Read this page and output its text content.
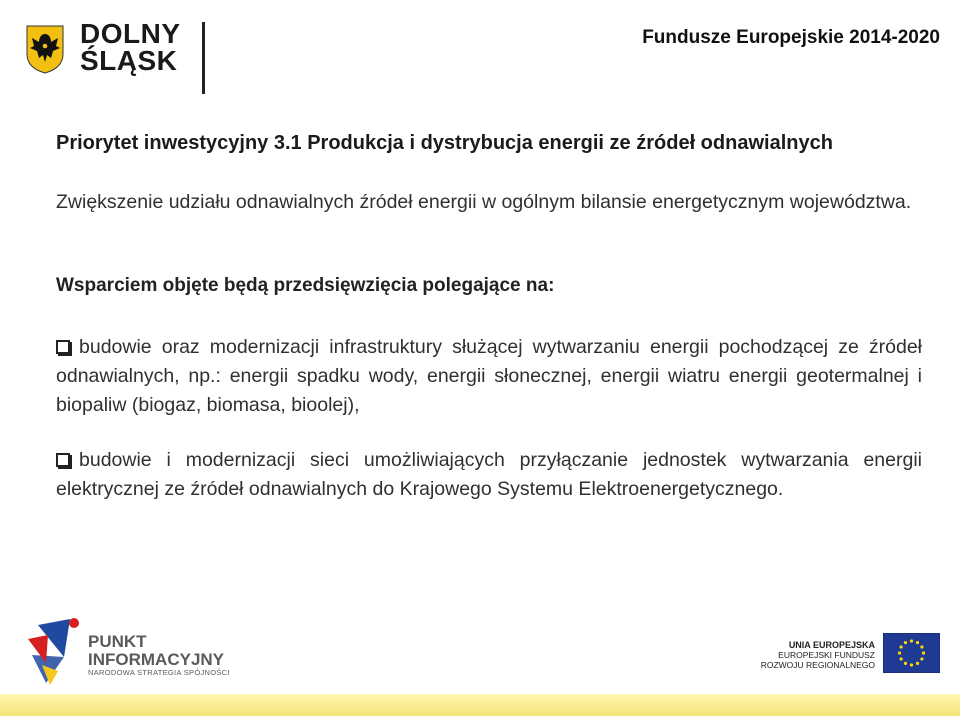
DOLNY
ŚLĄSK
Fundusze Europejskie 2014-2020
Priorytet inwestycyjny 3.1 Produkcja i dystrybucja energii ze źródeł odnawialnych
Zwiększenie udziału odnawialnych źródeł energii w ogólnym bilansie energetycznym województwa.
Wsparciem objęte będą przedsięwzięcia polegające na:
budowie oraz modernizacji infrastruktury służącej wytwarzaniu energii pochodzącej ze źródeł odnawialnych, np.: energii spadku wody, energii słonecznej, energii wiatru energii geotermalnej i biopaliw (biogaz, biomasa, bioolej),
budowie i modernizacji sieci umożliwiających przyłączanie jednostek wytwarzania energii elektrycznej ze źródeł odnawialnych do Krajowego Systemu Elektroenergetycznego.
PUNKT
INFORMACYJNY
NARODOWA STRATEGIA SPÓJNOŚCI
UNIA EUROPEJSKA
EUROPEJSKI FUNDUSZ
ROZWOJU REGIONALNEGO
